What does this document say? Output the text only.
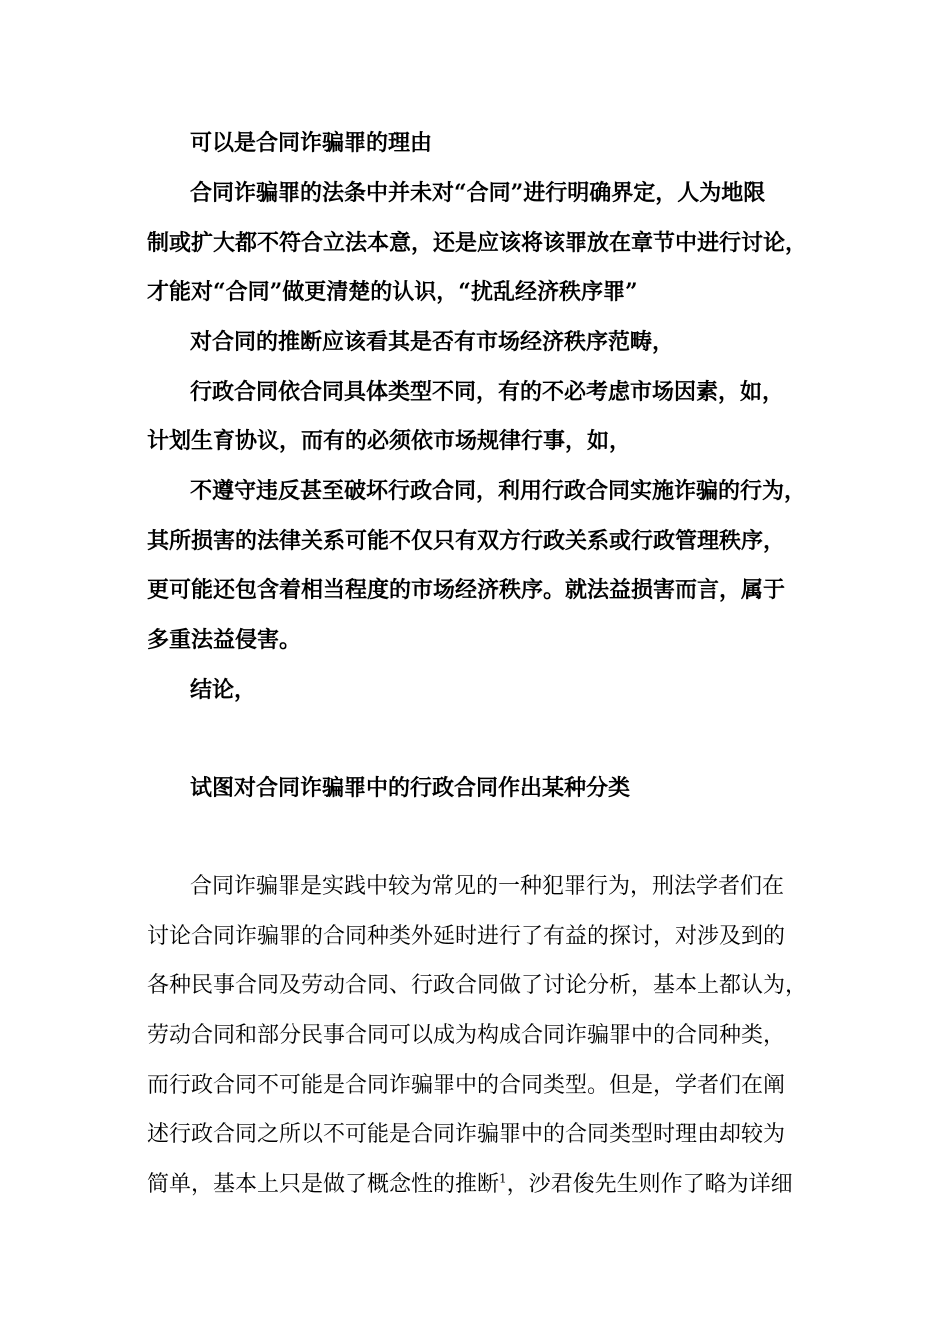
可以是合同诈骗罪的理由
合同诈骗罪的法条中并未对“合同”进行明确界定，人为地限
制或扩大都不符合立法本意，还是应该将该罪放在章节中进行讨论，
才能对“合同”做更清楚的认识，“扰乱经济秩序罪”
对合同的推断应该看其是否有市场经济秩序范畴，
行政合同依合同具体类型不同，有的不必考虑市场因素，如，
计划生育协议，而有的必须依市场规律行事，如，
不遵守违反甚至破坏行政合同，利用行政合同实施诈骗的行为，
其所损害的法律关系可能不仅只有双方行政关系或行政管理秩序，
更可能还包含着相当程度的市场经济秩序。就法益损害而言，属于
多重法益侵害。
结论，
试图对合同诈骗罪中的行政合同作出某种分类
合同诈骗罪是实践中较为常见的一种犯罪行为，刑法学者们在
讨论合同诈骗罪的合同种类外延时进行了有益的探讨，对涉及到的
各种民事合同及劳动合同、行政合同做了讨论分析，基本上都认为，
劳动合同和部分民事合同可以成为构成合同诈骗罪中的合同种类，
而行政合同不可能是合同诈骗罪中的合同类型。但是，学者们在阐
述行政合同之所以不可能是合同诈骗罪中的合同类型时理由却较为
简单，基本上只是做了概念性的推断$^1$，沙君俊先生则作了略为详细
